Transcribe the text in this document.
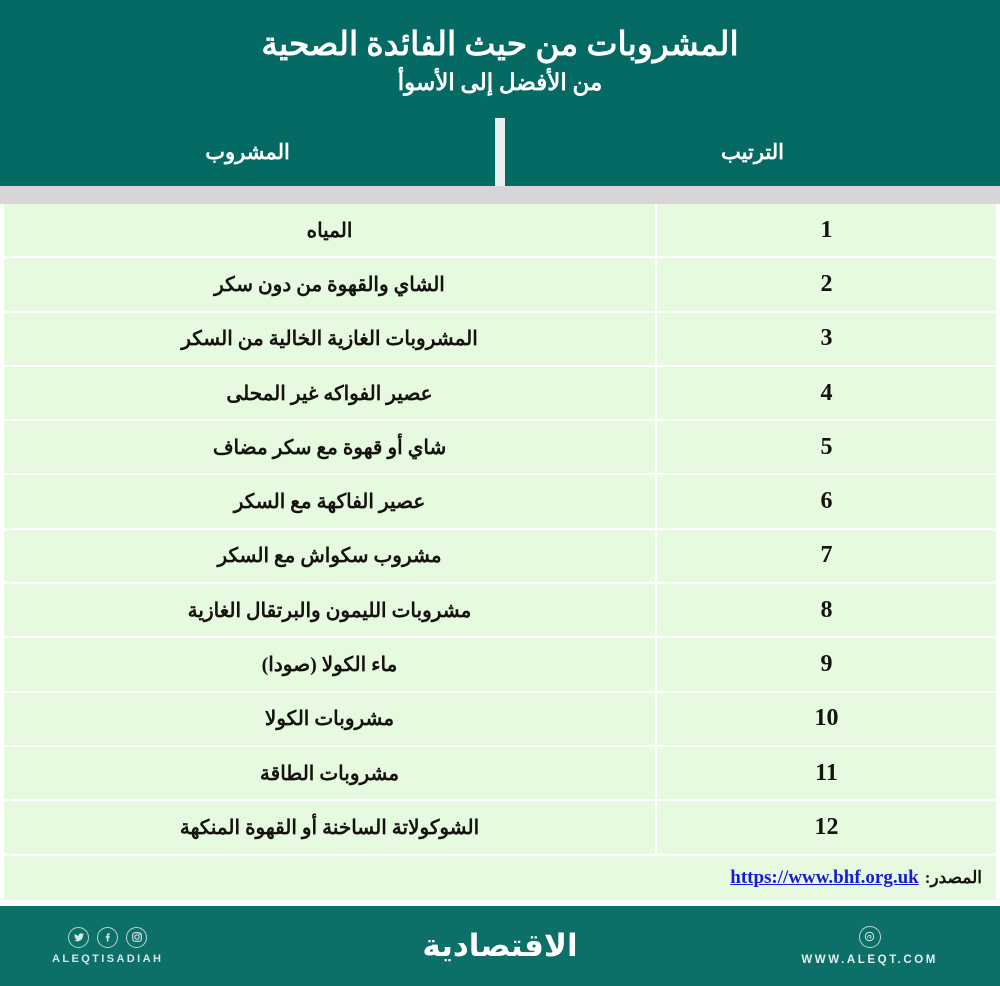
المشروبات من حيث الفائدة الصحية
من الأفضل إلى الأسوأ
الترتيب
المشروب
1
المياه
2
الشاي والقهوة من دون سكر
3
المشروبات الغازية الخالية من السكر
4
عصير الفواكه غير المحلى
5
شاي أو قهوة مع سكر مضاف
6
عصير الفاكهة مع السكر
7
مشروب سكواش مع السكر
8
مشروبات الليمون والبرتقال الغازية
9
ماء الكولا (صودا)
10
مشروبات الكولا
11
مشروبات الطاقة
12
الشوكولاتة الساخنة أو القهوة المنكهة
المصدر:
https://www.bhf.org.uk
ALEQTISADIAH	الاقتصادية	WWW.ALEQT.COM
